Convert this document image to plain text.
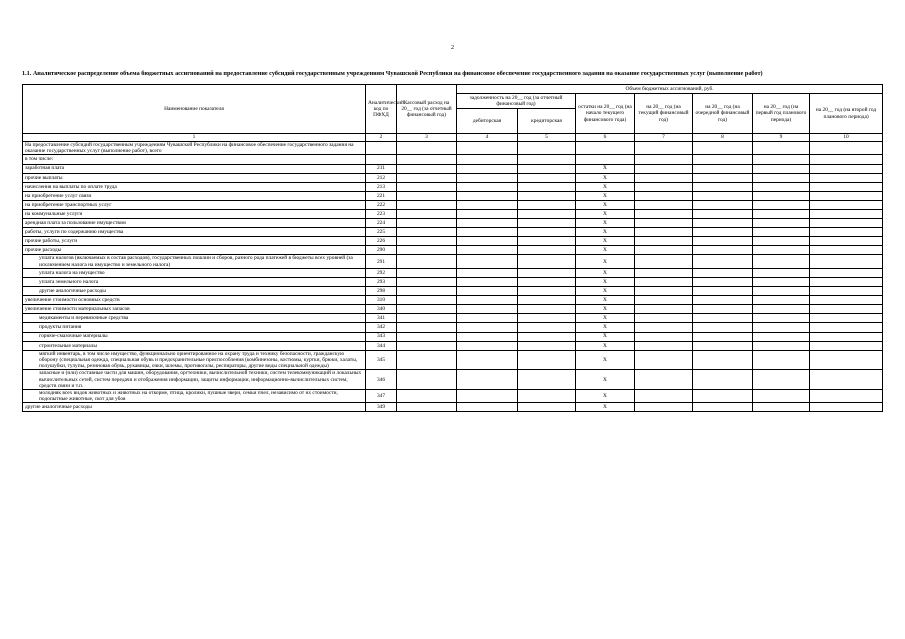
2
1.1. Аналитическое распределение объема бюджетных ассигнований на предоставление субсидий государственным учреждениям Чувашской Республики на финансовое обеспечение государственного задания на оказание государственных услуг (выполнение работ)
Наименование показателя	Аналитический код по ПФХД	Кассовый расход на 20__ год (за отчетный финансовый год)	Объем бюджетных ассигнований, руб.						
			задолженность на 20__ год (за отчетный финансовый год)		остатки на 20__ год (на начало текущего финансового года)	на 20__ год (на текущий финансовый год)	на 20__ год (на очередной финансовый год)	на 20__ год (на первый год планового периода)	на 20__ год (на второй год планового периода)
			дебиторская	кредиторская					
1	2	3	4	5	6	7	8	9	10
На предоставление субсидий государственным учреждениям Чувашской Республики на финансовое обеспечение государственного задания на оказание государственных услуг (выполнение работ), всего									
в том числе:									
заработная плата	211				X				
прочие выплаты	212				X				
начисления на выплаты по оплате труда	213				X				
на приобретение услуг связи	221				X				
на приобретение транспортных услуг	222				X				
на коммунальные услуги	223				X				
арендная плата за пользование имуществом	224				X				
работы, услуги по содержанию имущества	225				X				
прочие работы, услуги	226				X				
прочие расходы	290				X				
уплата налогов (включаемых в состав расходов), государственных пошлин и сборов, разного рода платежей в бюджеты всех уровней (за исключением налога на имущество и земельного налога)	291				X				
уплата налога на имущество	292				X				
уплата земельного налога	293				X				
другие аналогичные расходы	298				X				
увеличение стоимости основных средств	310				X				
увеличение стоимости материальных запасов	340				X				
медикаменты и перевязочные средства	341				X				
продукты питания	342				X				
горюче-смазочные материалы	343				X				
строительные материалы	344				X				
мягкий инвентарь, в том числе имущество, функционально ориентированное на охрану труда и технику безопасности, гражданскую оборону (специальная одежда, специальная обувь и предохранительные приспособления (комбинезоны, костюмы, куртки, брюки, халаты, полушубки, тулупы, резиновая обувь, рукавицы, очки, шлемы, противогазы, респираторы, другие виды специальной одежды)	345				X				
запасные и (или) составные части для машин, оборудования, оргтехники, вычислительной техники, систем телекоммуникаций и локальных вычислительных сетей, систем передачи и отображения информации, защиты информации, информационно-вычислительных систем, средств связи и т.п.	346				X				
молодняк всех видов животных и животных на откорме, птица, кролики, пушные звери, семьи пчел, независимо от их стоимости, подопытные животные, скот для убоя	347				X				
другие аналогичные расходы	349				X				
